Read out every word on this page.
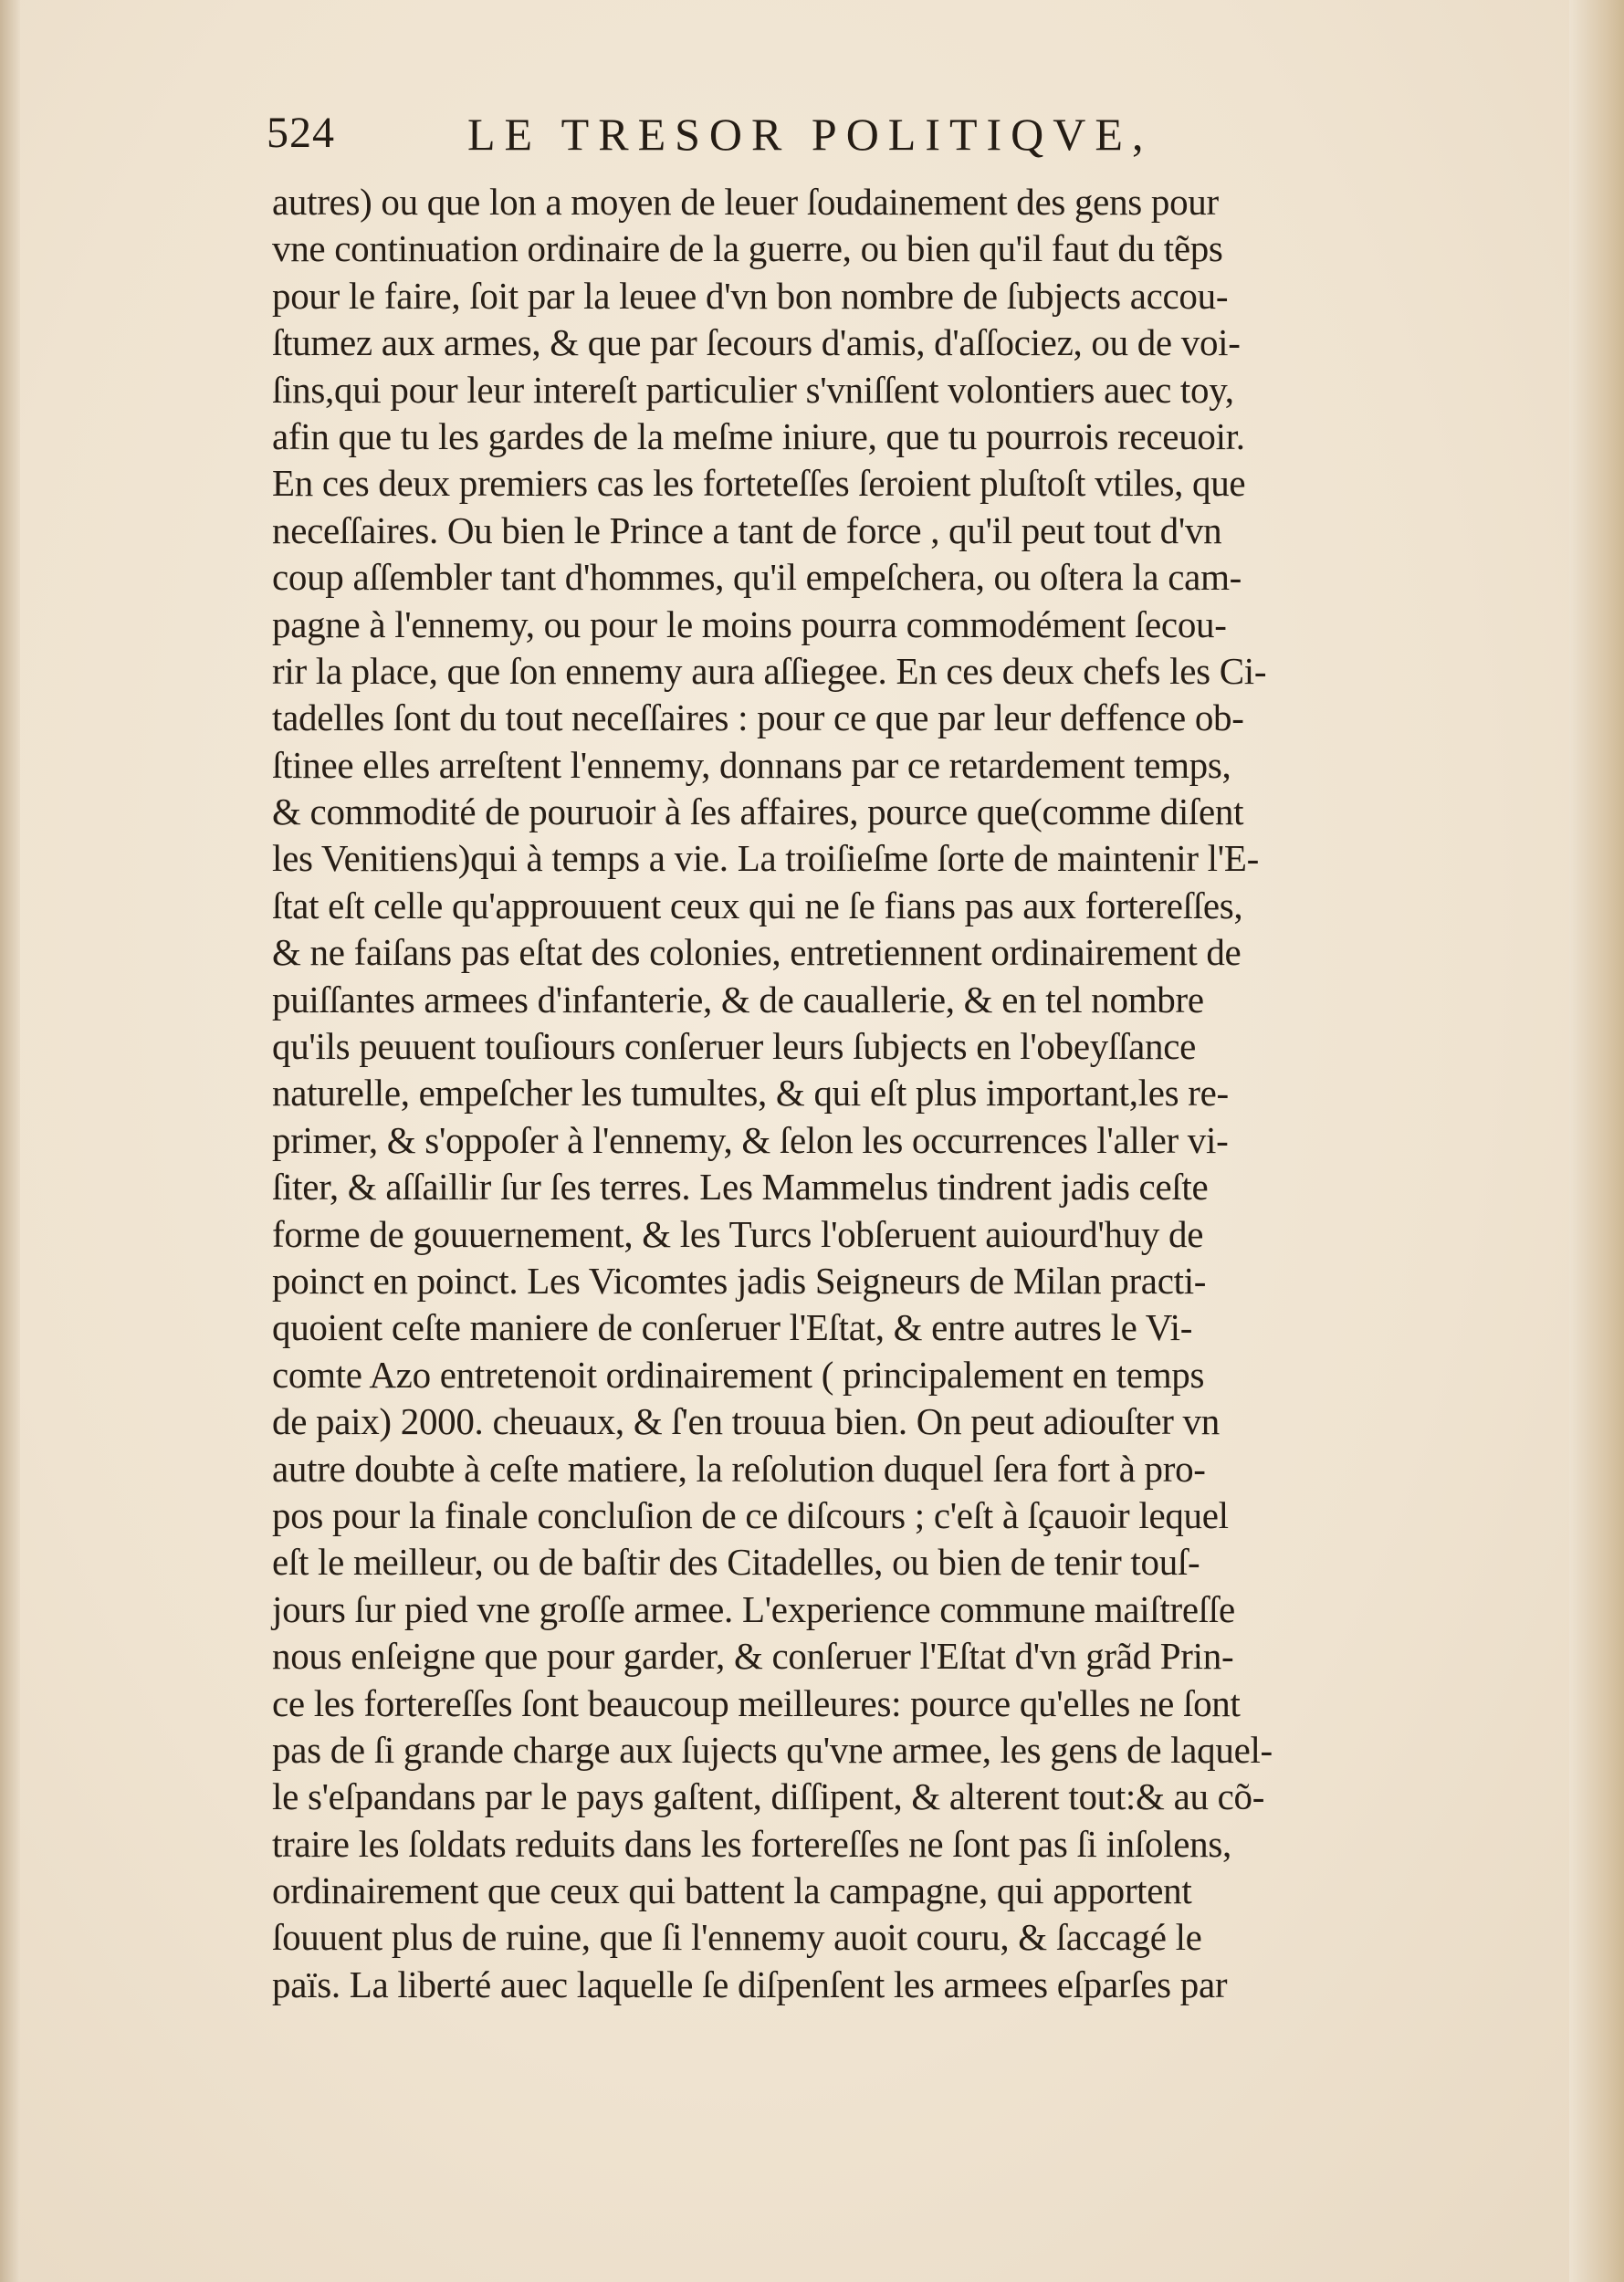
524	LE TRESOR POLITIQVE,
autres) ou que lon a moyen de leuer ſoudainement des gens pour
vne continuation ordinaire de la guerre, ou bien qu'il faut du tẽps
pour le faire, ſoit par la leuee d'vn bon nombre de ſubjects accou-
ſtumez aux armes, & que par ſecours d'amis, d'aſſociez, ou de voi-
ſins,qui pour leur intereſt particulier s'vniſſent volontiers auec toy,
afin que tu les gardes de la meſme iniure, que tu pourrois receuoir.
En ces deux premiers cas les forteteſſes ſeroient pluſtoſt vtiles, que
neceſſaires. Ou bien le Prince a tant de force , qu'il peut tout d'vn
coup aſſembler tant d'hommes, qu'il empeſchera, ou oſtera la cam-
pagne à l'ennemy, ou pour le moins pourra commodément ſecou-
rir la place, que ſon ennemy aura aſſiegee. En ces deux chefs les Ci-
tadelles ſont du tout neceſſaires : pour ce que par leur deffence ob-
ſtinee elles arreſtent l'ennemy, donnans par ce retardement temps,
& commodité de pouruoir à ſes affaires, pource que(comme diſent
les Venitiens)qui à temps a vie. La troiſieſme ſorte de maintenir l'E-
ſtat eſt celle qu'approuuent ceux qui ne ſe fians pas aux fortereſſes,
& ne faiſans pas eſtat des colonies, entretiennent ordinairement de
puiſſantes armees d'infanterie, & de cauallerie, & en tel nombre
qu'ils peuuent touſiours conſeruer leurs ſubjects en l'obeyſſance
naturelle, empeſcher les tumultes, & qui eſt plus important,les re-
primer, & s'oppoſer à l'ennemy, & ſelon les occurrences l'aller vi-
ſiter, & aſſaillir ſur ſes terres. Les Mammelus tindrent jadis ceſte
forme de gouuernement, & les Turcs l'obſeruent auiourd'huy de
poinct en poinct. Les Vicomtes jadis Seigneurs de Milan practi-
quoient ceſte maniere de conſeruer l'Eſtat, & entre autres le Vi-
comte Azo entretenoit ordinairement ( principalement en temps
de paix) 2000. cheuaux, & ſ'en trouua bien. On peut adiouſter vn
autre doubte à ceſte matiere, la reſolution duquel ſera fort à pro-
pos pour la finale concluſion de ce diſcours ; c'eſt à ſçauoir lequel
eſt le meilleur, ou de baſtir des Citadelles, ou bien de tenir touſ-
jours ſur pied vne groſſe armee. L'experience commune maiſtreſſe
nous enſeigne que pour garder, & conſeruer l'Eſtat d'vn grãd Prin-
ce les fortereſſes ſont beaucoup meilleures: pource qu'elles ne ſont
pas de ſi grande charge aux ſujects qu'vne armee, les gens de laquel-
le s'eſpandans par le pays gaſtent, diſſipent, & alterent tout:& au cõ-
traire les ſoldats reduits dans les fortereſſes ne ſont pas ſi inſolens,
ordinairement que ceux qui battent la campagne, qui apportent
ſouuent plus de ruine, que ſi l'ennemy auoit couru, & ſaccagé le
païs. La liberté auec laquelle ſe diſpenſent les armees eſparſes par
